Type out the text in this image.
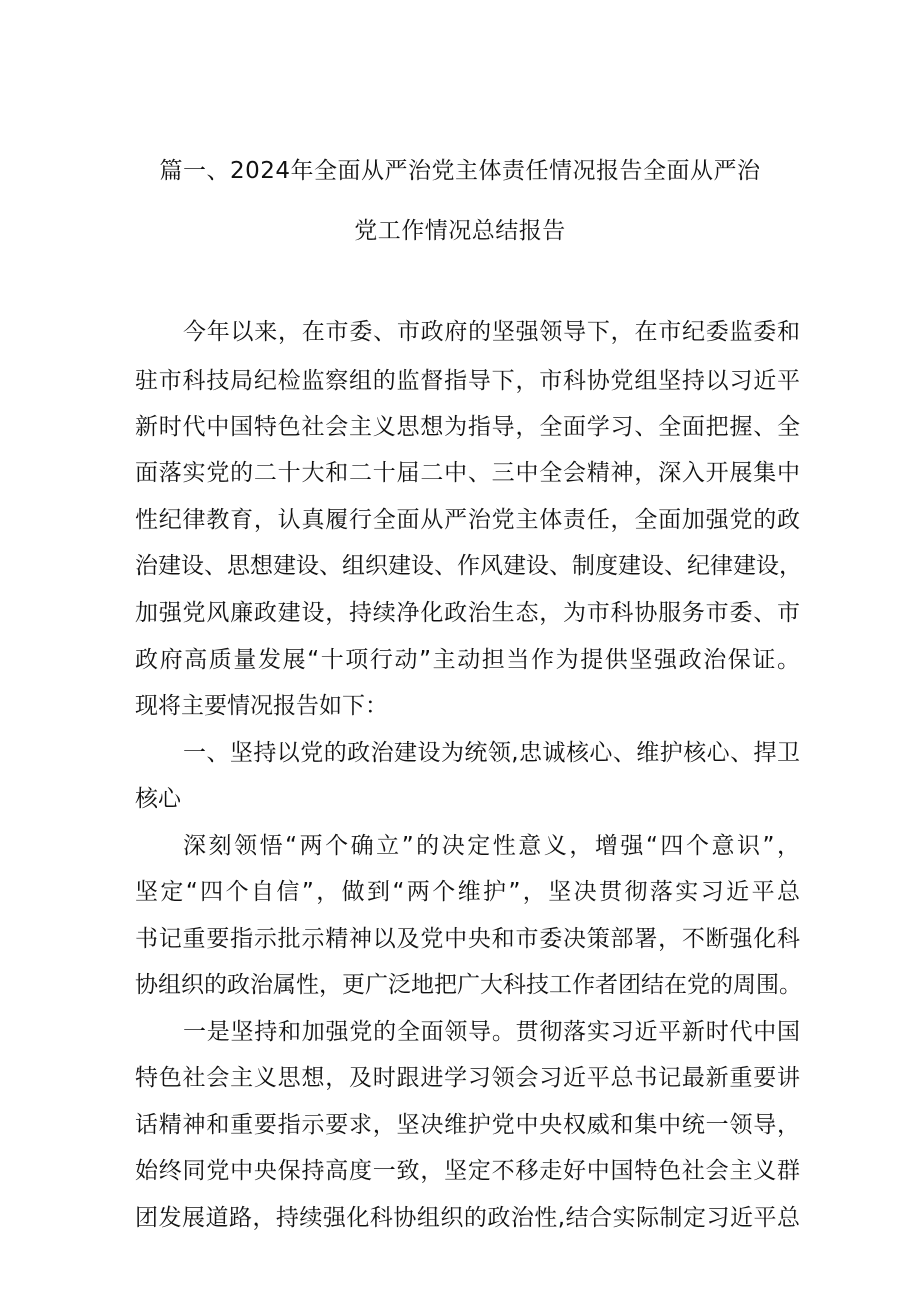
篇一、2024年全面从严治党主体责任情况报告全面从严治
党工作情况总结报告
今年以来，在市委、市政府的坚强领导下，在市纪委监委和
驻市科技局纪检监察组的监督指导下，市科协党组坚持以习近平
新时代中国特色社会主义思想为指导，全面学习、全面把握、全
面落实党的二十大和二十届二中、三中全会精神，深入开展集中
性纪律教育，认真履行全面从严治党主体责任，全面加强党的政
治建设、思想建设、组织建设、作风建设、制度建设、纪律建设，
加强党风廉政建设，持续净化政治生态，为市科协服务市委、市
政府高质量发展“十项行动”主动担当作为提供坚强政治保证。
现将主要情况报告如下：
一、坚持以党的政治建设为统领,忠诚核心、维护核心、捍卫
核心
深刻领悟“两个确立”的决定性意义，增强“四个意识”，
坚定“四个自信”，做到“两个维护”，坚决贯彻落实习近平总
书记重要指示批示精神以及党中央和市委决策部署，不断强化科
协组织的政治属性，更广泛地把广大科技工作者团结在党的周围。
一是坚持和加强党的全面领导。贯彻落实习近平新时代中国
特色社会主义思想，及时跟进学习领会习近平总书记最新重要讲
话精神和重要指示要求，坚决维护党中央权威和集中统一领导，
始终同党中央保持高度一致，坚定不移走好中国特色社会主义群
团发展道路，持续强化科协组织的政治性,结合实际制定习近平总
